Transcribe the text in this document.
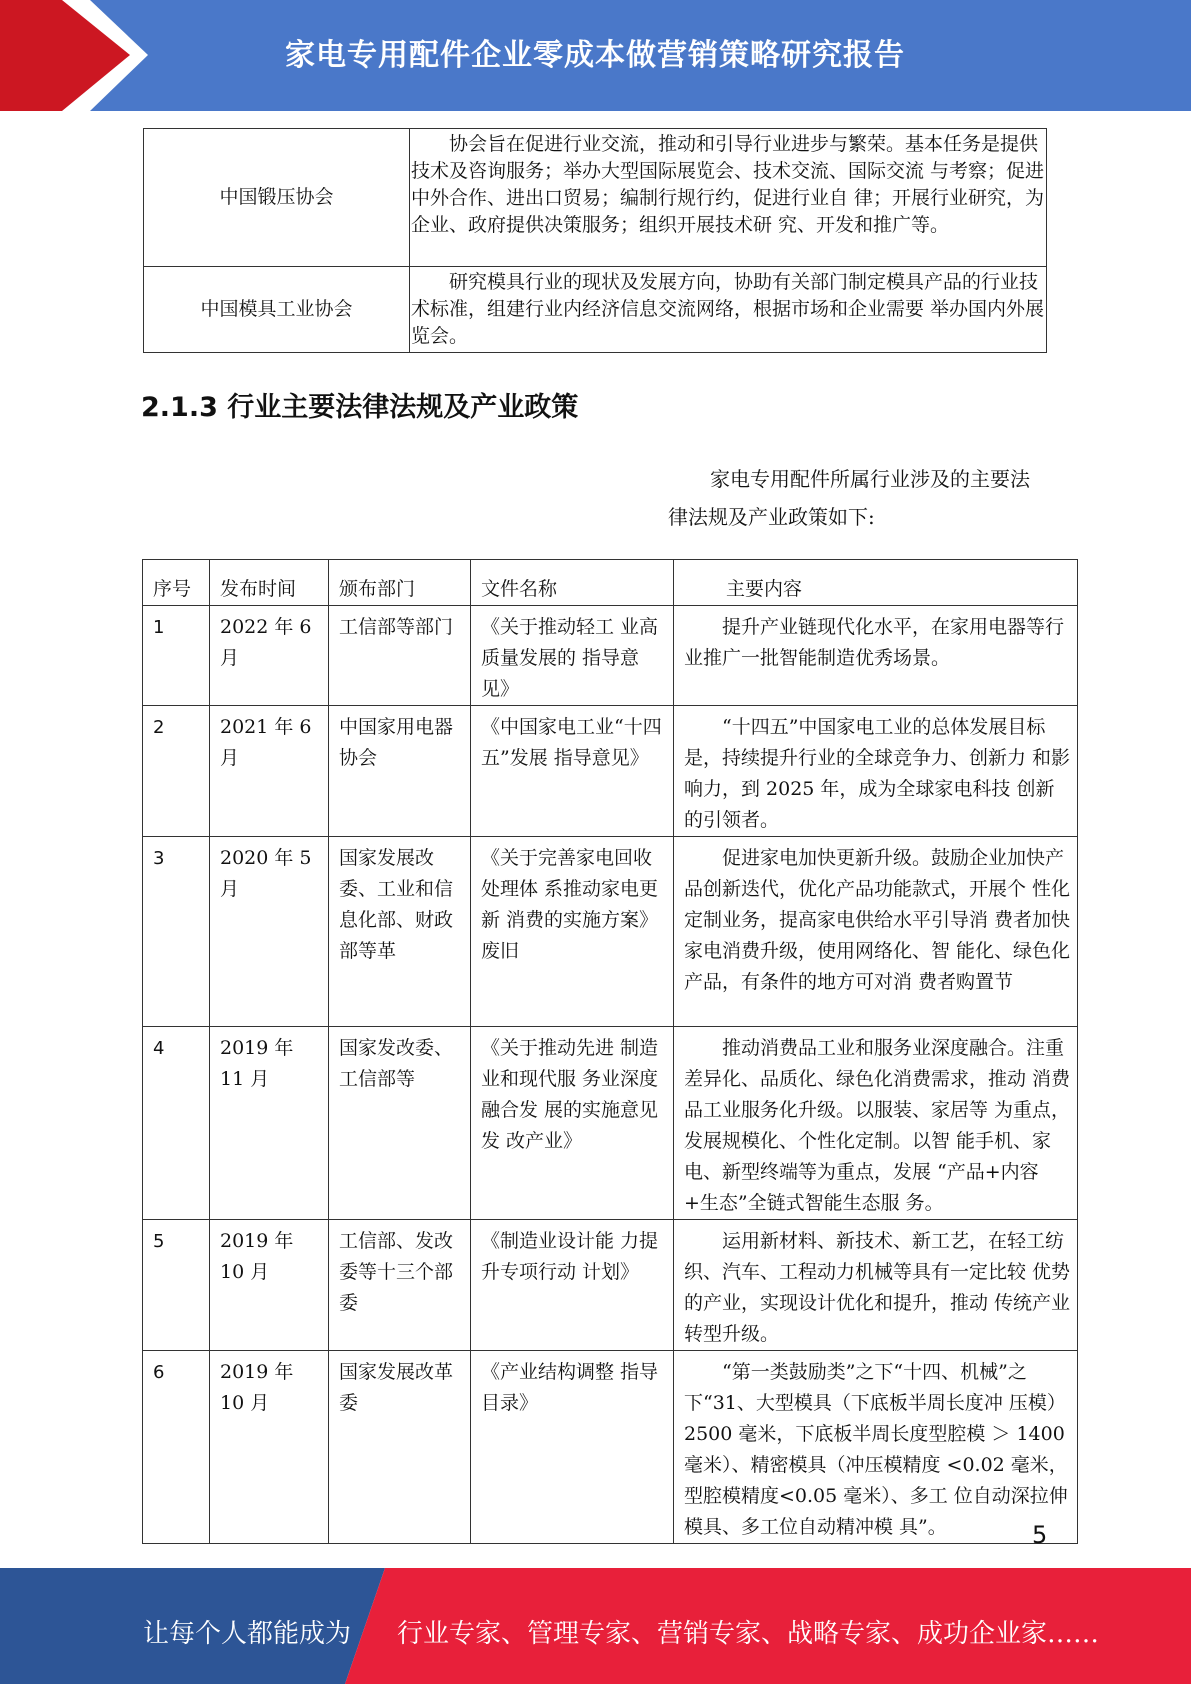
家电专用配件企业零成本做营销策略研究报告
中国锻压协会	协会旨在促进行业交流，推动和引导行业进步与繁荣。基本任务是提供技术及咨询服务；举办大型国际展览会、技术交流、国际交流 与考察；促进中外合作、进出口贸易；编制行规行约，促进行业自 律；开展行业研究，为企业、政府提供决策服务；组织开展技术研 究、开发和推广等。
中国模具工业协会	研究模具行业的现状及发展方向，协助有关部门制定模具产品的行业技术标准，组建行业内经济信息交流网络，根据市场和企业需要 举办国内外展览会。
2.1.3 行业主要法律法规及产业政策
家电专用配件所属行业涉及的主要法
律法规及产业政策如下:
序号	发布时间	颁布部门	文件名称	主要内容
1	2022 年 6 月	工信部等部门	《关于推动轻工 业高质量发展的 指导意见》	提升产业链现代化水平，在家用电器等行 业推广一批智能制造优秀场景。
2	2021 年 6 月	中国家用电器协会	《中国家电工业“十四五”发展 指导意见》	“十四五”中国家电工业的总体发展目标 是，持续提升行业的全球竞争力、创新力 和影响力，到 2025 年，成为全球家电科技 创新的引领者。
3	2020 年 5 月	国家发展改委、工业和信息化部、财政部等革	《关于完善家电回收处理体 系推动家电更新 消费的实施方案》废旧	促进家电加快更新升级。鼓励企业加快产品创新迭代，优化产品功能款式，开展个 性化定制业务，提高家电供给水平引导消 费者加快家电消费升级，使用网络化、智 能化、绿色化产品，有条件的地方可对消 费者购置节
4	2019 年 11 月	国家发改委、工信部等	《关于推动先进 制造业和现代服 务业深度融合发 展的实施意见发 改产业》	推动消费品工业和服务业深度融合。注重 差异化、品质化、绿色化消费需求，推动 消费品工业服务化升级。以服装、家居等 为重点，发展规模化、个性化定制。以智 能手机、家电、新型终端等为重点，发展 “产品+内容+生态”全链式智能生态服 务。
5	2019 年 10 月	工信部、发改委等十三个部委	《制造业设计能 力提升专项行动 计划》	运用新材料、新技术、新工艺，在轻工纺 织、汽车、工程动力机械等具有一定比较 优势的产业，实现设计优化和提升，推动 传统产业转型升级。
6	2019 年 10 月	国家发展改革委	《产业结构调整 指导目录》	“第一类鼓励类”之下“十四、机械”之下“31、大型模具（下底板半周长度冲 压模）2500 毫米，下底板半周长度型腔模 ＞ 1400 毫米）、精密模具（冲压模精度 <0.02 毫米，型腔模精度<0.05 毫米）、多工 位自动深拉伸模具、多工位自动精冲模 具”。	5
让每个人都能成为 行业专家、管理专家、营销专家、战略专家、成功企业家……
